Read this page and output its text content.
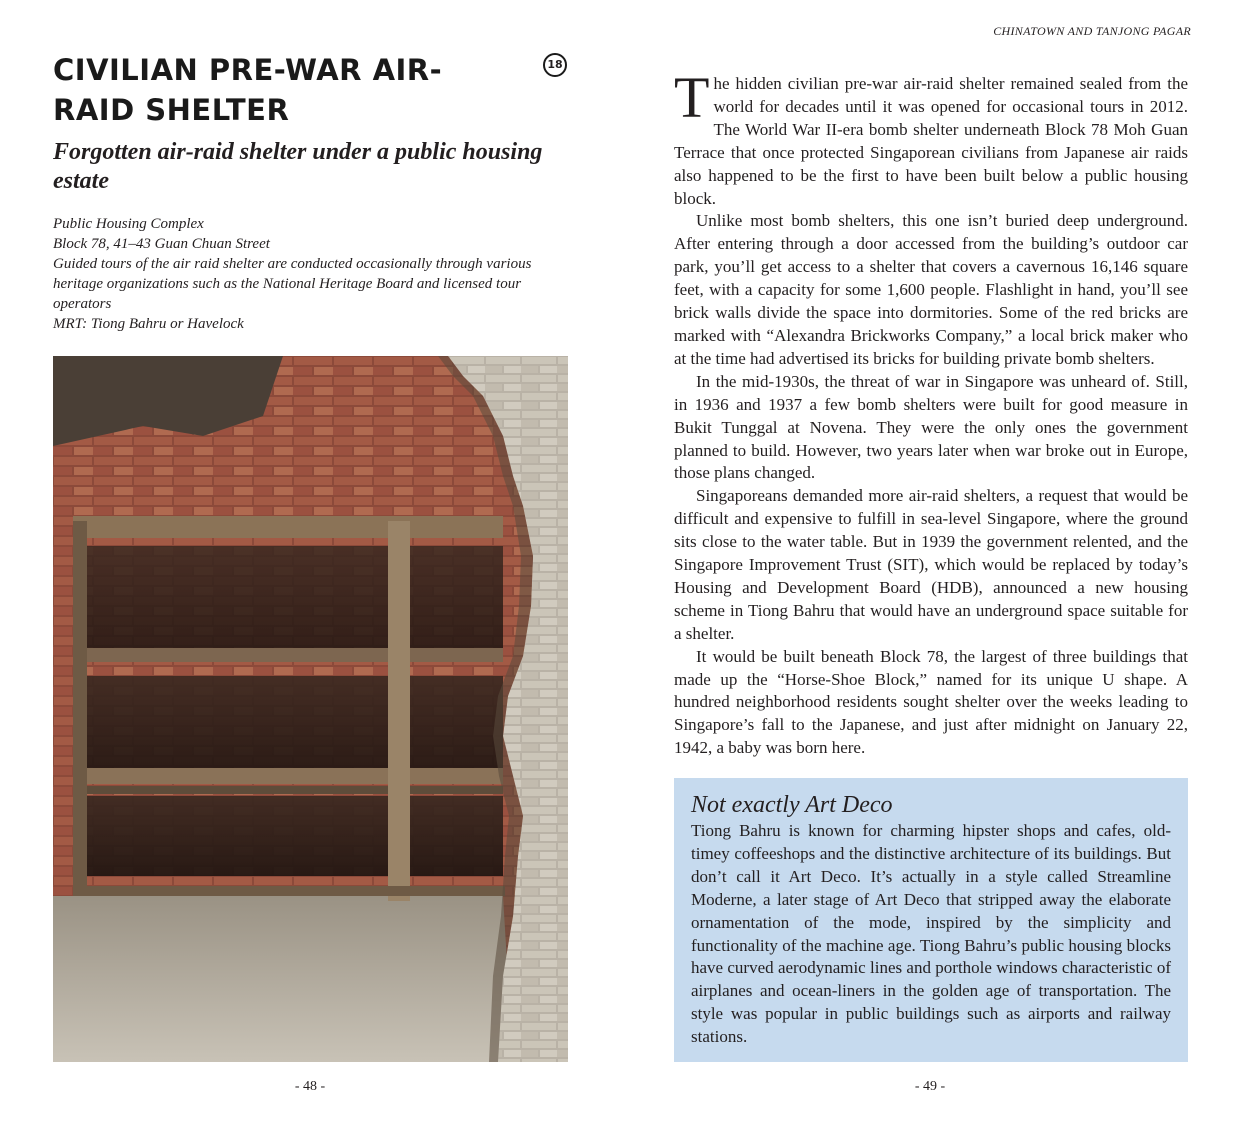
CIVILIAN PRE-WAR AIR-RAID SHELTER
18
Forgotten air-raid shelter under a public housing estate
Public Housing Complex
Block 78, 41–43 Guan Chuan Street
Guided tours of the air raid shelter are conducted occasionally through various heritage organizations such as the National Heritage Board and licensed tour operators
MRT: Tiong Bahru or Havelock
- 48 -
CHINATOWN AND TANJONG PAGAR

The hidden civilian pre-war air-raid shelter remained sealed from the world for decades until it was opened for occasional tours in 2012. The World War II-era bomb shelter underneath Block 78 Moh Guan Terrace that once protected Singaporean civilians from Japanese air raids also happened to be the first to have been built below a public housing block.

Unlike most bomb shelters, this one isn’t buried deep underground. After entering through a door accessed from the building’s outdoor car park, you’ll get access to a shelter that covers a cavernous 16,146 square feet, with a capacity for some 1,600 people. Flashlight in hand, you’ll see brick walls divide the space into dormitories. Some of the red bricks are marked with “Alexandra Brickworks Company,” a local brick maker who at the time had advertised its bricks for building private bomb shelters.

In the mid-1930s, the threat of war in Singapore was unheard of. Still, in 1936 and 1937 a few bomb shelters were built for good measure in Bukit Tunggal at Novena. They were the only ones the government planned to build. However, two years later when war broke out in Europe, those plans changed.

Singaporeans demanded more air-raid shelters, a request that would be difficult and expensive to fulfill in sea-level Singapore, where the ground sits close to the water table. But in 1939 the government relented, and the Singapore Improvement Trust (SIT), which would be replaced by today’s Housing and Development Board (HDB), announced a new housing scheme in Tiong Bahru that would have an underground space suitable for a shelter.

It would be built beneath Block 78, the largest of three buildings that made up the “Horse-Shoe Block,” named for its unique U shape. A hundred neighborhood residents sought shelter over the weeks leading to Singapore’s fall to the Japanese, and just after midnight on January 22, 1942, a baby was born here.

Not exactly Art Deco
Tiong Bahru is known for charming hipster shops and cafes, old-timey coffeeshops and the distinctive architecture of its buildings. But don’t call it Art Deco. It’s actually in a style called Streamline Moderne, a later stage of Art Deco that stripped away the elaborate ornamentation of the mode, inspired by the simplicity and functionality of the machine age. Tiong Bahru’s public housing blocks have curved aerodynamic lines and porthole windows characteristic of airplanes and ocean-liners in the golden age of transportation. The style was popular in public buildings such as airports and railway stations.
- 49 -
